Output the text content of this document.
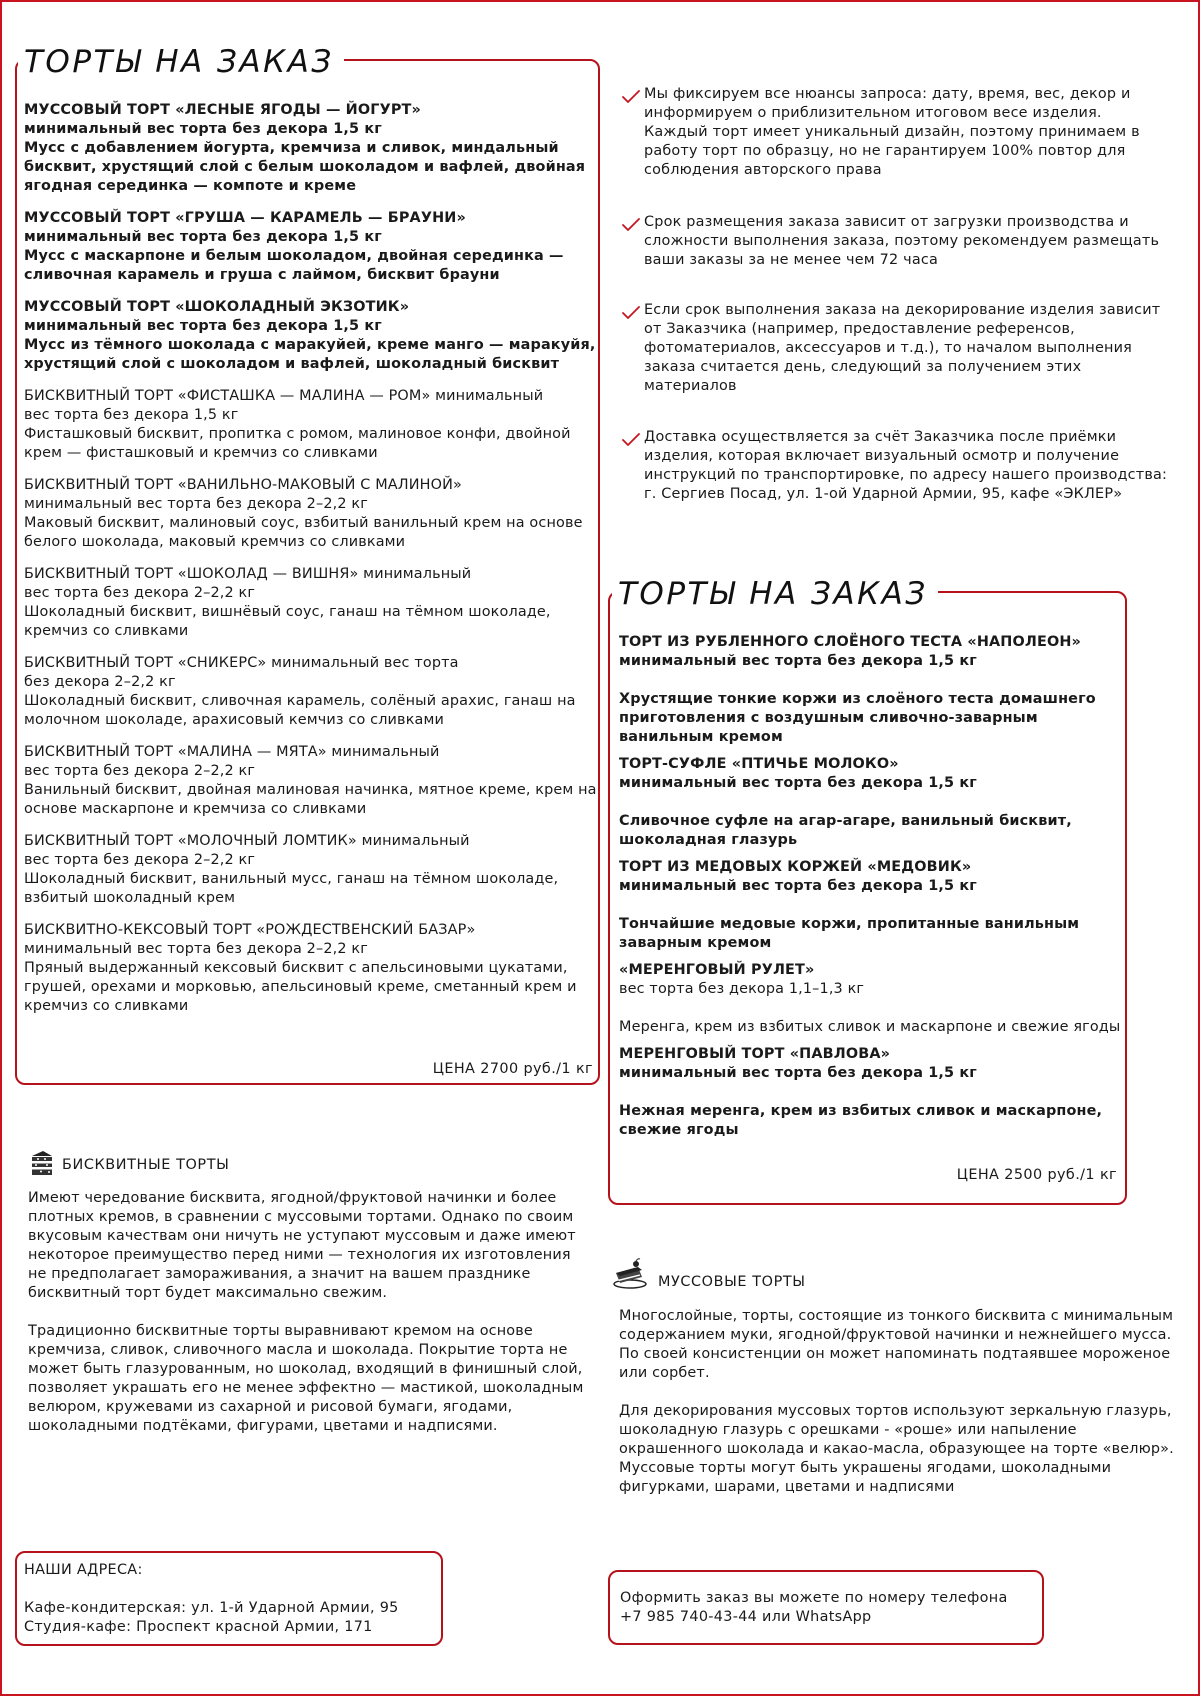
ТОРТЫ НА ЗАКАЗ
МУССОВЫЙ ТОРТ «ЛЕСНЫЕ ЯГОДЫ — ЙОГУРТ»
минимальный вес торта без декора 1,5 кг
Мусс с добавлением йогурта, кремчиза и сливок, миндальный бисквит, хрустящий слой с белым шоколадом и вафлей, двойная ягодная серединка — компоте и креме
МУССОВЫЙ ТОРТ «ГРУША — КАРАМЕЛЬ — БРАУНИ»
минимальный вес торта без декора 1,5 кг
Мусс с маскарпоне и белым шоколадом, двойная серединка — сливочная карамель и груша с лаймом, бисквит брауни
МУССОВЫЙ ТОРТ «ШОКОЛАДНЫЙ ЭКЗОТИК»
минимальный вес торта без декора 1,5 кг
Мусс из тёмного шоколада с маракуйей, креме манго — маракуйя, хрустящий слой с шоколадом и вафлей, шоколадный бисквит
БИСКВИТНЫЙ ТОРТ «ФИСТАШКА — МАЛИНА — РОМ» минимальный
вес торта без декора 1,5 кг
Фисташковый бисквит, пропитка с ромом, малиновое конфи, двойной крем — фисташковый и кремчиз со сливками
БИСКВИТНЫЙ ТОРТ «ВАНИЛЬНО-МАКОВЫЙ С МАЛИНОЙ»
минимальный вес торта без декора 2–2,2 кг
Маковый бисквит, малиновый соус, взбитый ванильный крем на основе белого шоколада, маковый кремчиз со сливками
БИСКВИТНЫЙ ТОРТ «ШОКОЛАД — ВИШНЯ» минимальный
вес торта без декора 2–2,2 кг
Шоколадный бисквит, вишнёвый соус, ганаш на тёмном шоколаде, кремчиз со сливками
БИСКВИТНЫЙ ТОРТ «СНИКЕРС» минимальный вес торта
без декора 2–2,2 кг
Шоколадный бисквит, сливочная карамель, солёный арахис, ганаш на молочном шоколаде, арахисовый кемчиз со сливками
БИСКВИТНЫЙ ТОРТ «МАЛИНА — МЯТА» минимальный
вес торта без декора 2–2,2 кг
Ванильный бисквит, двойная малиновая начинка, мятное креме, крем на основе маскарпоне и кремчиза со сливками
БИСКВИТНЫЙ ТОРТ «МОЛОЧНЫЙ ЛОМТИК» минимальный
вес торта без декора 2–2,2 кг
Шоколадный бисквит, ванильный мусс, ганаш на тёмном шоколаде, взбитый шоколадный крем
БИСКВИТНО-КЕКСОВЫЙ ТОРТ «РОЖДЕСТВЕНСКИЙ БАЗАР»
минимальный вес торта без декора 2–2,2 кг
Пряный выдержанный кексовый бисквит с апельсиновыми цукатами, грушей, орехами и морковью, апельсиновый креме, сметанный крем и кремчиз со сливками
ЦЕНА 2700 руб./1 кг
Мы фиксируем все нюансы запроса: дату, время, вес, декор и информируем о приблизительном итоговом весе изделия. Каждый торт имеет уникальный дизайн, поэтому принимаем в работу торт по образцу, но не гарантируем 100% повтор для соблюдения авторского права
Срок размещения заказа зависит от загрузки производства и сложности выполнения заказа, поэтому рекомендуем размещать ваши заказы за не менее чем 72 часа
Если срок выполнения заказа на декорирование изделия зависит от Заказчика (например, предоставление референсов, фотоматериалов, аксессуаров и т.д.), то началом выполнения заказа считается день, следующий за получением этих материалов
Доставка осуществляется за счёт Заказчика после приёмки изделия, которая включает визуальный осмотр и получение инструкций по транспортировке, по адресу нашего производства: г. Сергиев Посад, ул. 1-ой Ударной Армии, 95, кафе «ЭКЛЕР»
ТОРТЫ НА ЗАКАЗ
ТОРТ ИЗ РУБЛЕННОГО СЛОЁНОГО ТЕСТА «НАПОЛЕОН»
минимальный вес торта без декора 1,5 кг
Хрустящие тонкие коржи из слоёного теста домашнего приготовления с воздушным сливочно-заварным ванильным кремом
ТОРТ-СУФЛЕ «ПТИЧЬЕ МОЛОКО»
минимальный вес торта без декора 1,5 кг
Сливочное суфле на агар-агаре, ванильный бисквит, шоколадная глазурь
ТОРТ ИЗ МЕДОВЫХ КОРЖЕЙ «МЕДОВИК»
минимальный вес торта без декора 1,5 кг
Тончайшие медовые коржи, пропитанные ванильным заварным кремом
«МЕРЕНГОВЫЙ РУЛЕТ»
вес торта без декора 1,1–1,3 кг
Меренга, крем из взбитых сливок и маскарпоне и свежие ягоды
МЕРЕНГОВЫЙ ТОРТ «ПАВЛОВА»
минимальный вес торта без декора 1,5 кг
Нежная меренга, крем из взбитых сливок и маскарпоне, свежие ягоды
ЦЕНА 2500 руб./1 кг
БИСКВИТНЫЕ ТОРТЫ

Имеют чередование бисквита, ягодной/фруктовой начинки и более плотных кремов, в сравнении с муссовыми тортами. Однако по своим вкусовым качествам они ничуть не уступают муссовым и даже имеют некоторое преимущество перед ними — технология их изготовления не предполагает замораживания, а значит на вашем празднике бисквитный торт будет максимально свежим.

Традиционно бисквитные торты выравнивают кремом на основе кремчиза, сливок, сливочного масла и шоколада. Покрытие торта не может быть глазурованным, но шоколад, входящий в финишный слой, позволяет украшать его не менее эффектно — мастикой, шоколадным велюром, кружевами из сахарной и рисовой бумаги, ягодами, шоколадными подтёками, фигурами, цветами и надписями.

МУССОВЫЕ ТОРТЫ

Многослойные, торты, состоящие из тонкого бисквита с минимальным содержанием муки, ягодной/фруктовой начинки и нежнейшего мусса. По своей консистенции он может напоминать подтаявшее мороженое или сорбет.

Для декорирования муссовых тортов используют зеркальную глазурь, шоколадную глазурь с орешками - «роше» или напыление окрашенного шоколада и какао-масла, образующее на торте «велюр». Муссовые торты могут быть украшены ягодами, шоколадными фигурками, шарами, цветами и надписями

НАШИ АДРЕСА:
Кафе-кондитерская: ул. 1-й Ударной Армии, 95
Студия-кафе: Проспект красной Армии, 171
Оформить заказ вы можете по номеру телефона
+7 985 740-43-44 или WhatsApp
